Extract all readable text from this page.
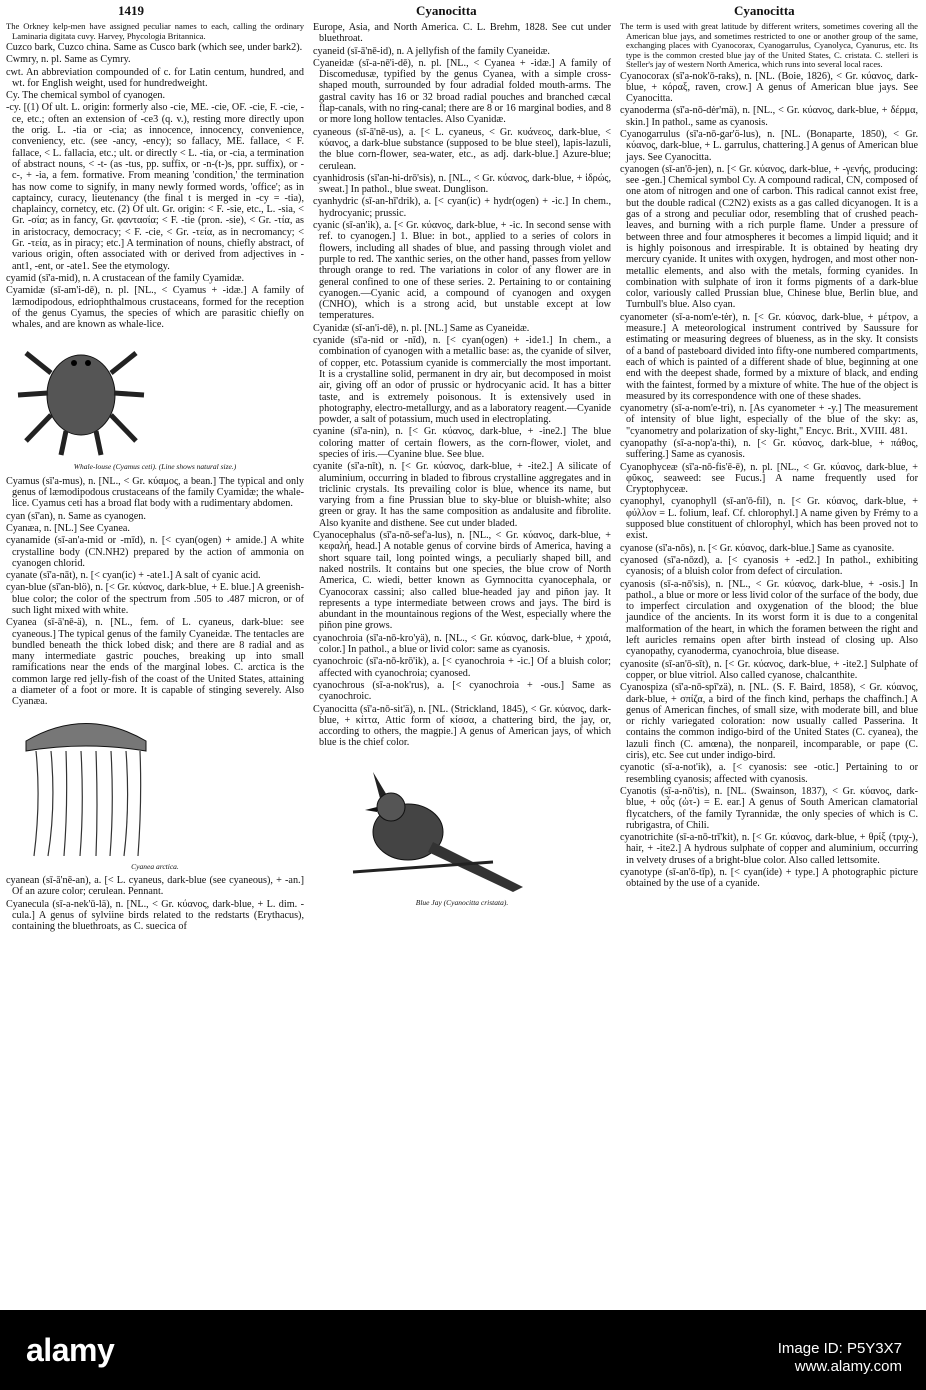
1419	Cyanocitta	Cyanocitta

The Orkney kelp-men have assigned peculiar names to each, calling the ordinary Laminaria digitata cuvy. Harvey, Phycologia Britannica.

Cuzco bark, Cuzco china. Same as Cusco bark (which see, under bark2).

Cwmry, n. pl. Same as Cymry.

cwt. An abbreviation compounded of c. for Latin centum, hundred, and wt. for English weight, used for hundredweight.

Cy. The chemical symbol of cyanogen.

-cy. [(1) Of ult. L. origin: formerly also -cie, ME. -cie, OF. -cie, F. -cie, -ce, etc.; often an extension of -ce3 (q. v.), resting more directly upon the orig. L. -tia or -cia; as innocence, innocency, convenience, conveniency, etc. (see -ancy, -ency); so fallacy, ME. fallace, < F. fallace, < L. fallacia, etc.; ult. or directly < L. -tia, or -cia, a termination of abstract nouns, < -t- (as -tus, pp. suffix, or -n-(t-)s, ppr. suffix), or -c-, + -ia, a fem. formative. From meaning 'condition,' the termination has now come to signify, in many newly formed words, 'office'; as in captaincy, curacy, lieutenancy (the final t is merged in -cy = -tia), chaplaincy, cornetcy, etc. (2) Of ult. Gr. origin: < F. -sie, etc., L. -sia, < Gr. -σία; as in fancy, Gr. φαντασία; < F. -tie (pron. -sie), < Gr. -τία, as in aristocracy, democracy; < F. -cie, < Gr. -τεία, as in necromancy; < Gr. -τεία, as in piracy; etc.] A termination of nouns, chiefly abstract, of various origin, often associated with or derived from adjectives in -ant1, -ent, or -ate1. See the etymology.

cyamid (sī'a-mid), n. A crustacean of the family Cyamidæ.

Cyamidæ (sī-am'i-dē), n. pl. [NL., < Cyamus + -idæ.] A family of læmodipodous, edriophthalmous crustaceans, formed for the reception of the genus Cyamus, the species of which are parasitic chiefly on whales, and are known as whale-lice.

Whale-louse (Cyamus ceti). (Line shows natural size.)

Cyamus (sī'a-mus), n. [NL., < Gr. κύαμος, a bean.] The typical and only genus of læmodipodous crustaceans of the family Cyamidæ; the whale-lice. Cyamus ceti has a broad flat body with a rudimentary abdomen.

cyan (sī'an), n. Same as cyanogen.

Cyanæa, n. [NL.] See Cyanea.

cyanamide (sī-an'a-mid or -mīd), n. [< cyan(ogen) + amide.] A white crystalline body (CN.NH2) prepared by the action of ammonia on cyanogen chlorid.

cyanate (sī'a-nāt), n. [< cyan(ic) + -ate1.] A salt of cyanic acid.

cyan-blue (sī'an-blö), n. [< Gr. κύανος, dark-blue, + E. blue.] A greenish-blue color; the color of the spectrum from .505 to .487 micron, or of such light mixed with white.

Cyanea (sī-ā'nē-ä), n. [NL., fem. of L. cyaneus, dark-blue: see cyaneous.] The typical genus of the family Cyaneidæ. The tentacles are bundled beneath the thick lobed disk; and there are 8 radial and as many intermediate gastric pouches, breaking up into small ramifications near the ends of the marginal lobes. C. arctica is the common large red jelly-fish of the coast of the United States, attaining a diameter of a foot or more. It is capable of stinging severely. Also Cyanæa.

Cyanea arctica.

cyanean (sī-ā'nē-an), a. [< L. cyaneus, dark-blue (see cyaneous), + -an.] Of an azure color; cerulean. Pennant.

Cyanecula (sī-a-nek'ū-lä), n. [NL., < Gr. κύανος, dark-blue, + L. dim. -cula.] A genus of sylviine birds related to the redstarts (Erythacus), containing the bluethroats, as C. suecica of

Europe, Asia, and North America. C. L. Brehm, 1828. See cut under bluethroat.

cyaneid (sī-ā'nē-id), n. A jellyfish of the family Cyaneidæ.

Cyaneidæ (sī-a-nē'i-dē), n. pl. [NL., < Cyanea + -idæ.] A family of Discomedusæ, typified by the genus Cyanea, with a simple cross-shaped mouth, surrounded by four adradial folded mouth-arms. The gastral cavity has 16 or 32 broad radial pouches and branched cæcal flap-canals, with no ring-canal; there are 8 or 16 marginal bodies, and 8 or more long hollow tentacles. Also Cyanidæ.

cyaneous (sī-ā'nē-us), a. [< L. cyaneus, < Gr. κυάνεος, dark-blue, < κύανος, a dark-blue substance (supposed to be blue steel), lapis-lazuli, the blue corn-flower, sea-water, etc., as adj. dark-blue.] Azure-blue; cerulean.

cyanhidrosis (sī'an-hi-drō'sis), n. [NL., < Gr. κύανος, dark-blue, + ἱδρώς, sweat.] In pathol., blue sweat. Dunglison.

cyanhydric (sī-an-hī'drik), a. [< cyan(ic) + hydr(ogen) + -ic.] In chem., hydrocyanic; prussic.

cyanic (sī-an'ik), a. [< Gr. κύανος, dark-blue, + -ic. In second sense with ref. to cyanogen.] 1. Blue: in bot., applied to a series of colors in flowers, including all shades of blue, and passing through violet and purple to red. The xanthic series, on the other hand, passes from yellow through orange to red. The variations in color of any flower are in general confined to one of these series. 2. Pertaining to or containing cyanogen.—Cyanic acid, a compound of cyanogen and oxygen (CNHO), which is a strong acid, but unstable except at low temperatures.

Cyanidæ (sī-an'i-dē), n. pl. [NL.] Same as Cyaneidæ.

cyanide (sī'a-nid or -nīd), n. [< cyan(ogen) + -ide1.] In chem., a combination of cyanogen with a metallic base: as, the cyanide of silver, of copper, etc. Potassium cyanide is commercially the most important. It is a crystalline solid, permanent in dry air, but decomposed in moist air, giving off an odor of prussic or hydrocyanic acid. It has a bitter taste, and is extremely poisonous. It is extensively used in photography, electro-metallurgy, and as a laboratory reagent.—Cyanide powder, a salt of potassium, much used in electroplating.

cyanine (sī'a-nin), n. [< Gr. κύανος, dark-blue, + -ine2.] The blue coloring matter of certain flowers, as the corn-flower, violet, and species of iris.—Cyanine blue. See blue.

cyanite (sī'a-nīt), n. [< Gr. κύανος, dark-blue, + -ite2.] A silicate of aluminium, occurring in bladed to fibrous crystalline aggregates and in triclinic crystals. Its prevailing color is blue, whence its name, but varying from a fine Prussian blue to sky-blue or bluish-white; also green or gray. It has the same composition as andalusite and fibrolite. Also kyanite and disthene. See cut under bladed.

Cyanocephalus (sī'a-nō-sef'a-lus), n. [NL., < Gr. κύανος, dark-blue, + κεφαλή, head.] A notable genus of corvine birds of America, having a short square tail, long pointed wings, a peculiarly shaped bill, and naked nostrils. It contains but one species, the blue crow of North America, C. wiedi, better known as Gymnocitta cyanocephala, or Cyanocorax cassini; also called blue-headed jay and piñon jay. It represents a type intermediate between crows and jays. The bird is abundant in the mountainous regions of the West, especially where the piñon pine grows.

cyanochroia (sī'a-nō-kro'yä), n. [NL., < Gr. κύανος, dark-blue, + χροιά, color.] In pathol., a blue or livid color: same as cyanosis.

cyanochroic (sī'a-nō-krō'ik), a. [< cyanochroia + -ic.] Of a bluish color; affected with cyanochroia; cyanosed.

cyanochrous (sī-a-nok'rus), a. [< cyanochroia + -ous.] Same as cyanochroic.

Cyanocitta (sī'a-nō-sit'ä), n. [NL. (Strickland, 1845), < Gr. κύανος, dark-blue, + κίττα, Attic form of κίσσα, a chattering bird, the jay, or, according to others, the magpie.] A genus of American jays, of which blue is the chief color.

Blue Jay (Cyanocitta cristata).

The term is used with great latitude by different writers, sometimes covering all the American blue jays, and sometimes restricted to one or another group of the same, exchanging places with Cyanocorax, Cyanogarrulus, Cyanolyca, Cyanurus, etc. Its type is the common crested blue jay of the United States, C. cristata. C. stelleri is Steller's jay of western North America, which runs into several local races.

Cyanocorax (sī'a-nok'ō-raks), n. [NL. (Boie, 1826), < Gr. κύανος, dark-blue, + κόραξ, raven, crow.] A genus of American blue jays. See Cyanocitta.

cyanoderma (sī'a-nō-dėr'mä), n. [NL., < Gr. κύανος, dark-blue, + δέρμα, skin.] In pathol., same as cyanosis.

Cyanogarrulus (sī'a-nō-gar'ö-lus), n. [NL. (Bonaparte, 1850), < Gr. κύανος, dark-blue, + L. garrulus, chattering.] A genus of American blue jays. See Cyanocitta.

cyanogen (sī-an'ō-jen), n. [< Gr. κύανος, dark-blue, + -γενής, producing: see -gen.] Chemical symbol Cy. A compound radical, CN, composed of one atom of nitrogen and one of carbon. This radical cannot exist free, but the double radical (C2N2) exists as a gas called dicyanogen. It is a gas of a strong and peculiar odor, resembling that of crushed peach-leaves, and burning with a rich purple flame. Under a pressure of between three and four atmospheres it becomes a limpid liquid; and it is highly poisonous and irrespirable. It is obtained by heating dry mercury cyanide. It unites with oxygen, hydrogen, and most other non-metallic elements, and also with the metals, forming cyanides. In combination with sulphate of iron it forms pigments of a dark-blue color, variously called Prussian blue, Chinese blue, Berlin blue, and Turnbull's blue. Also cyan.

cyanometer (sī-a-nom'e-tėr), n. [< Gr. κύανος, dark-blue, + μέτρον, a measure.] A meteorological instrument contrived by Saussure for estimating or measuring degrees of blueness, as in the sky. It consists of a band of pasteboard divided into fifty-one numbered compartments, each of which is painted of a different shade of blue, beginning at one end with the deepest shade, formed by a mixture of black, and ending with the faintest, formed by a mixture of white. The hue of the object is measured by its correspondence with one of these shades.

cyanometry (sī-a-nom'e-tri), n. [As cyanometer + -y.] The measurement of intensity of blue light, especially of the blue of the sky: as, "cyanometry and polarization of sky-light," Encyc. Brit., XVIII. 481.

cyanopathy (sī-a-nop'a-thi), n. [< Gr. κύανος, dark-blue, + πάθος, suffering.] Same as cyanosis.

Cyanophyceæ (sī'a-nō-fis'ē-ē), n. pl. [NL., < Gr. κύανος, dark-blue, + φῦκος, seaweed: see Fucus.] A name frequently used for Cryptophyceæ.

cyanophyl, cyanophyll (sī-an'ō-fil), n. [< Gr. κύανος, dark-blue, + φύλλον = L. folium, leaf. Cf. chlorophyl.] A name given by Frémy to a supposed blue constituent of chlorophyl, which has been proved not to exist.

cyanose (sī'a-nōs), n. [< Gr. κύανος, dark-blue.] Same as cyanosite.

cyanosed (sī'a-nōzd), a. [< cyanosis + -ed2.] In pathol., exhibiting cyanosis; of a bluish color from defect of circulation.

cyanosis (sī-a-nō'sis), n. [NL., < Gr. κύανος, dark-blue, + -osis.] In pathol., a blue or more or less livid color of the surface of the body, due to imperfect circulation and oxygenation of the blood; the blue jaundice of the ancients. In its worst form it is due to a congenital malformation of the heart, in which the foramen between the right and left auricles remains open after birth instead of closing up. Also cyanopathy, cyanoderma, cyanochroia, blue disease.

cyanosite (sī-an'ō-sīt), n. [< Gr. κύανος, dark-blue, + -ite2.] Sulphate of copper, or blue vitriol. Also called cyanose, chalcanthite.

Cyanospiza (sī'a-nō-spī'zä), n. [NL. (S. F. Baird, 1858), < Gr. κύανος, dark-blue, + σπίζα, a bird of the finch kind, perhaps the chaffinch.] A genus of American finches, of small size, with moderate bill, and blue or richly variegated coloration: now usually called Passerina. It contains the common indigo-bird of the United States (C. cyanea), the lazuli finch (C. amœna), the nonpareil, incomparable, or pape (C. ciris), etc. See cut under indigo-bird.

cyanotic (sī-a-not'ik), a. [< cyanosis: see -otic.] Pertaining to or resembling cyanosis; affected with cyanosis.

Cyanotis (sī-a-nō'tis), n. [NL. (Swainson, 1837), < Gr. κύανος, dark-blue, + οὖς (ὠτ-) = E. ear.] A genus of South American clamatorial flycatchers, of the family Tyrannidæ, the only species of which is C. rubrigastra, of Chili.

cyanotrichite (sī-a-nō-trī'kit), n. [< Gr. κύανος, dark-blue, + θρίξ (τριχ-), hair, + -ite2.] A hydrous sulphate of copper and aluminium, occurring in velvety druses of a bright-blue color. Also called lettsomite.

cyanotype (sī-an'ō-tīp), n. [< cyan(ide) + type.] A photographic picture obtained by the use of a cyanide.

alamy	Image ID: P5Y3X7
www.alamy.com
